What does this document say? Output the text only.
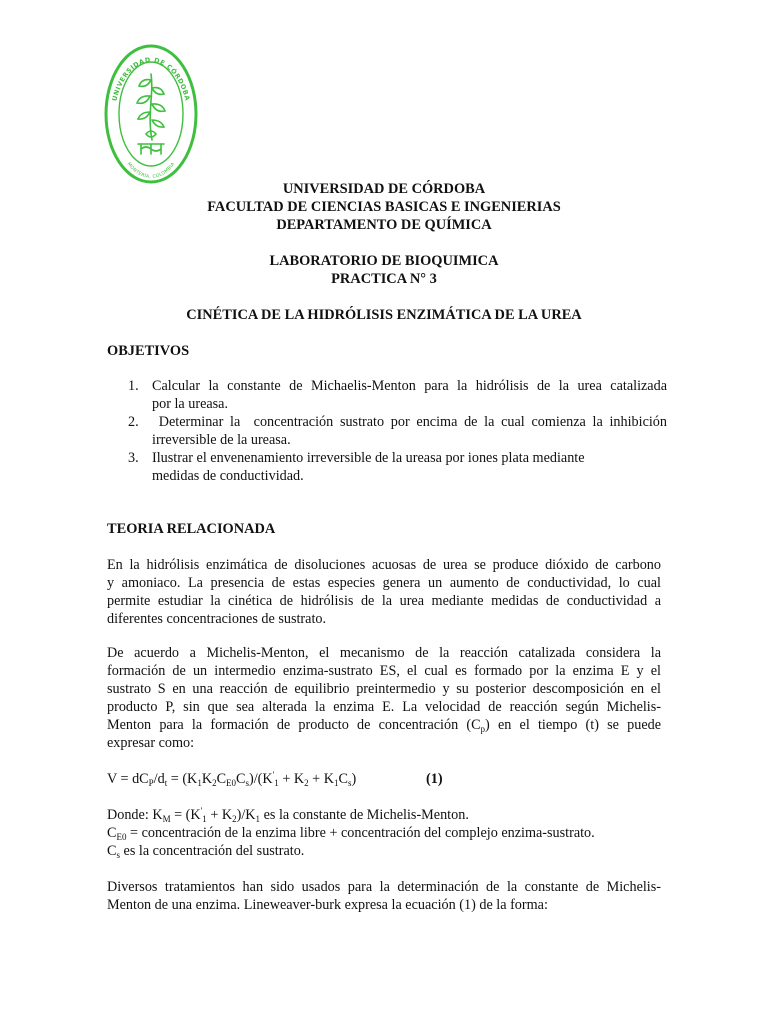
UNIVERSIDAD DE CÓRDOBA
MONTERÍA, COLOMBIA
UNIVERSIDAD DE CÓRDOBA
FACULTAD DE CIENCIAS BASICAS E INGENIERIAS
DEPARTAMENTO DE QUÍMICA
LABORATORIO DE BIOQUIMICA
PRACTICA N° 3
CINÉTICA DE LA HIDRÓLISIS ENZIMÁTICA DE LA UREA
OBJETIVOS
1. Calcular la constante de Michaelis-Menton para la hidrólisis de la urea catalizada
por la ureasa.
2. Determinar la  concentración sustrato por encima de la cual comienza la inhibición
irreversible de la ureasa.
3. Ilustrar el envenenamiento irreversible de la ureasa por iones plata mediante
medidas de conductividad.
TEORIA RELACIONADA
En la hidrólisis enzimática de disoluciones acuosas de urea se produce dióxido de carbono
y amoniaco. La presencia de estas especies genera un aumento de conductividad, lo cual
permite estudiar la cinética de hidrólisis de la urea mediante medidas de conductividad a
diferentes concentraciones de sustrato.
De acuerdo a Michelis-Menton, el mecanismo de la reacción catalizada considera la
formación de un intermedio enzima-sustrato ES, el cual es formado por la enzima E y el
sustrato S en una reacción de equilibrio preintermedio y su posterior descomposición en el
producto P, sin que sea alterada la enzima E. La velocidad de reacción según Michelis-
Menton para la formación de producto de concentración $(C_p)$ en el tiempo (t) se puede
expresar como:
$V = dC_P/d_t = (K_1K_2C_{E0}C_s)/(K'_1 + K_2 + K_1C_s)$	(1)
Donde: $K_M = (K'_1 + K_2)/K_1$ es la constante de Michelis-Menton.
$C_{E0}$ = concentración de la enzima libre + concentración del complejo enzima-sustrato.
$C_s$ es la concentración del sustrato.
Diversos tratamientos han sido usados para la determinación de la constante de Michelis-
Menton de una enzima. Lineweaver-burk expresa la ecuación (1) de la forma:
